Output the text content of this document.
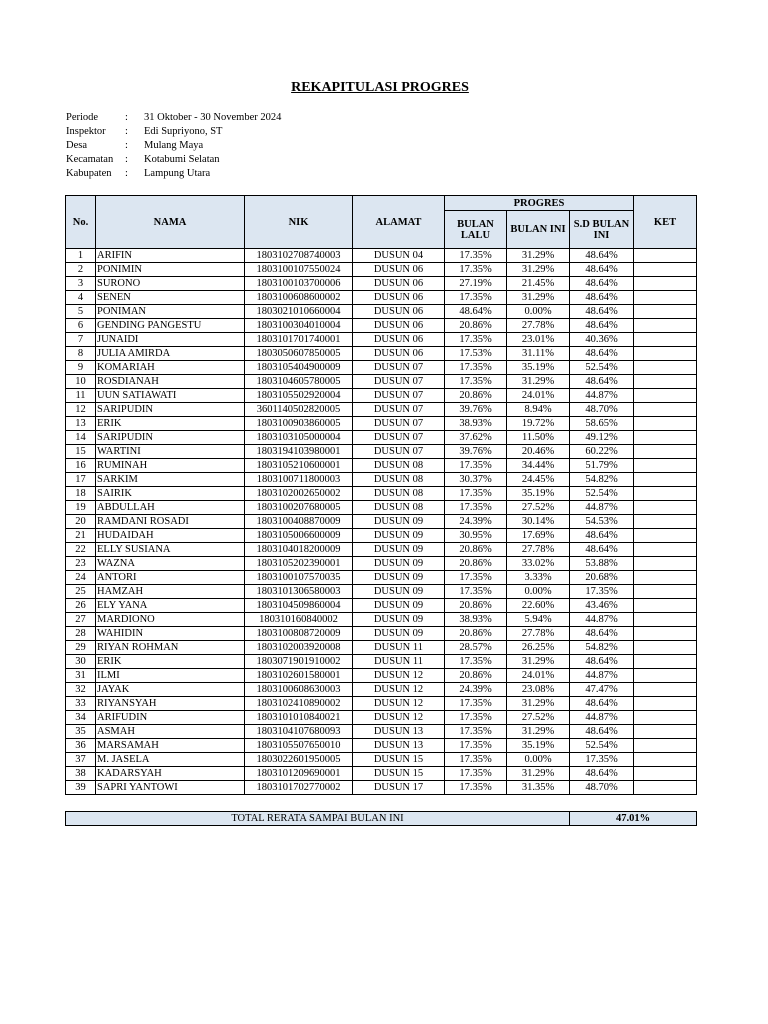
REKAPITULASI PROGRES
Periode	:	31 Oktober - 30 November 2024
Inspektor	:	Edi Supriyono, ST
Desa	:	Mulang Maya
Kecamatan	:	Kotabumi Selatan
Kabupaten	:	Lampung Utara
No.	NAMA	NIK	ALAMAT	PROGRES			KET
				BULAN LALU	BULAN INI	S.D BULAN INI	
1	ARIFIN	1803102708740003	DUSUN 04	17.35%	31.29%	48.64%	
2	PONIMIN	1803100107550024	DUSUN 06	17.35%	31.29%	48.64%	
3	SURONO	1803100103700006	DUSUN 06	27.19%	21.45%	48.64%	
4	SENEN	1803100608600002	DUSUN 06	17.35%	31.29%	48.64%	
5	PONIMAN	1803021010660004	DUSUN 06	48.64%	0.00%	48.64%	
6	GENDING PANGESTU	1803100304010004	DUSUN 06	20.86%	27.78%	48.64%	
7	JUNAIDI	1803101701740001	DUSUN 06	17.35%	23.01%	40.36%	
8	JULIA AMIRDA	1803050607850005	DUSUN 06	17.53%	31.11%	48.64%	
9	KOMARIAH	1803105404900009	DUSUN 07	17.35%	35.19%	52.54%	
10	ROSDIANAH	1803104605780005	DUSUN 07	17.35%	31.29%	48.64%	
11	UUN SATIAWATI	1803105502920004	DUSUN 07	20.86%	24.01%	44.87%	
12	SARIPUDIN	3601140502820005	DUSUN 07	39.76%	8.94%	48.70%	
13	ERIK	1803100903860005	DUSUN 07	38.93%	19.72%	58.65%	
14	SARIPUDIN	1803103105000004	DUSUN 07	37.62%	11.50%	49.12%	
15	WARTINI	1803194103980001	DUSUN 07	39.76%	20.46%	60.22%	
16	RUMINAH	1803105210600001	DUSUN 08	17.35%	34.44%	51.79%	
17	SARKIM	1803100711800003	DUSUN 08	30.37%	24.45%	54.82%	
18	SAIRIK	1803102002650002	DUSUN 08	17.35%	35.19%	52.54%	
19	ABDULLAH	1803100207680005	DUSUN 08	17.35%	27.52%	44.87%	
20	RAMDANI ROSADI	1803100408870009	DUSUN 09	24.39%	30.14%	54.53%	
21	HUDAIDAH	1803105006600009	DUSUN 09	30.95%	17.69%	48.64%	
22	ELLY SUSIANA	1803104018200009	DUSUN 09	20.86%	27.78%	48.64%	
23	WAZNA	1803105202390001	DUSUN 09	20.86%	33.02%	53.88%	
24	ANTORI	1803100107570035	DUSUN 09	17.35%	3.33%	20.68%	
25	HAMZAH	1803101306580003	DUSUN 09	17.35%	0.00%	17.35%	
26	ELY YANA	1803104509860004	DUSUN 09	20.86%	22.60%	43.46%	
27	MARDIONO	180310160840002	DUSUN 09	38.93%	5.94%	44.87%	
28	WAHIDIN	1803100808720009	DUSUN 09	20.86%	27.78%	48.64%	
29	RIYAN ROHMAN	1803102003920008	DUSUN 11	28.57%	26.25%	54.82%	
30	ERIK	1803071901910002	DUSUN 11	17.35%	31.29%	48.64%	
31	ILMI	1803102601580001	DUSUN 12	20.86%	24.01%	44.87%	
32	JAYAK	1803100608630003	DUSUN 12	24.39%	23.08%	47.47%	
33	RIYANSYAH	1803102410890002	DUSUN 12	17.35%	31.29%	48.64%	
34	ARIFUDIN	1803101010840021	DUSUN 12	17.35%	27.52%	44.87%	
35	ASMAH	1803104107680093	DUSUN 13	17.35%	31.29%	48.64%	
36	MARSAMAH	1803105507650010	DUSUN 13	17.35%	35.19%	52.54%	
37	M. JASELA	1803022601950005	DUSUN 15	17.35%	0.00%	17.35%	
38	KADARSYAH	1803101209690001	DUSUN 15	17.35%	31.29%	48.64%	
39	SAPRI YANTOWI	1803101702770002	DUSUN 17	17.35%	31.35%	48.70%	
TOTAL RERATA SAMPAI BULAN INI	47.01%
